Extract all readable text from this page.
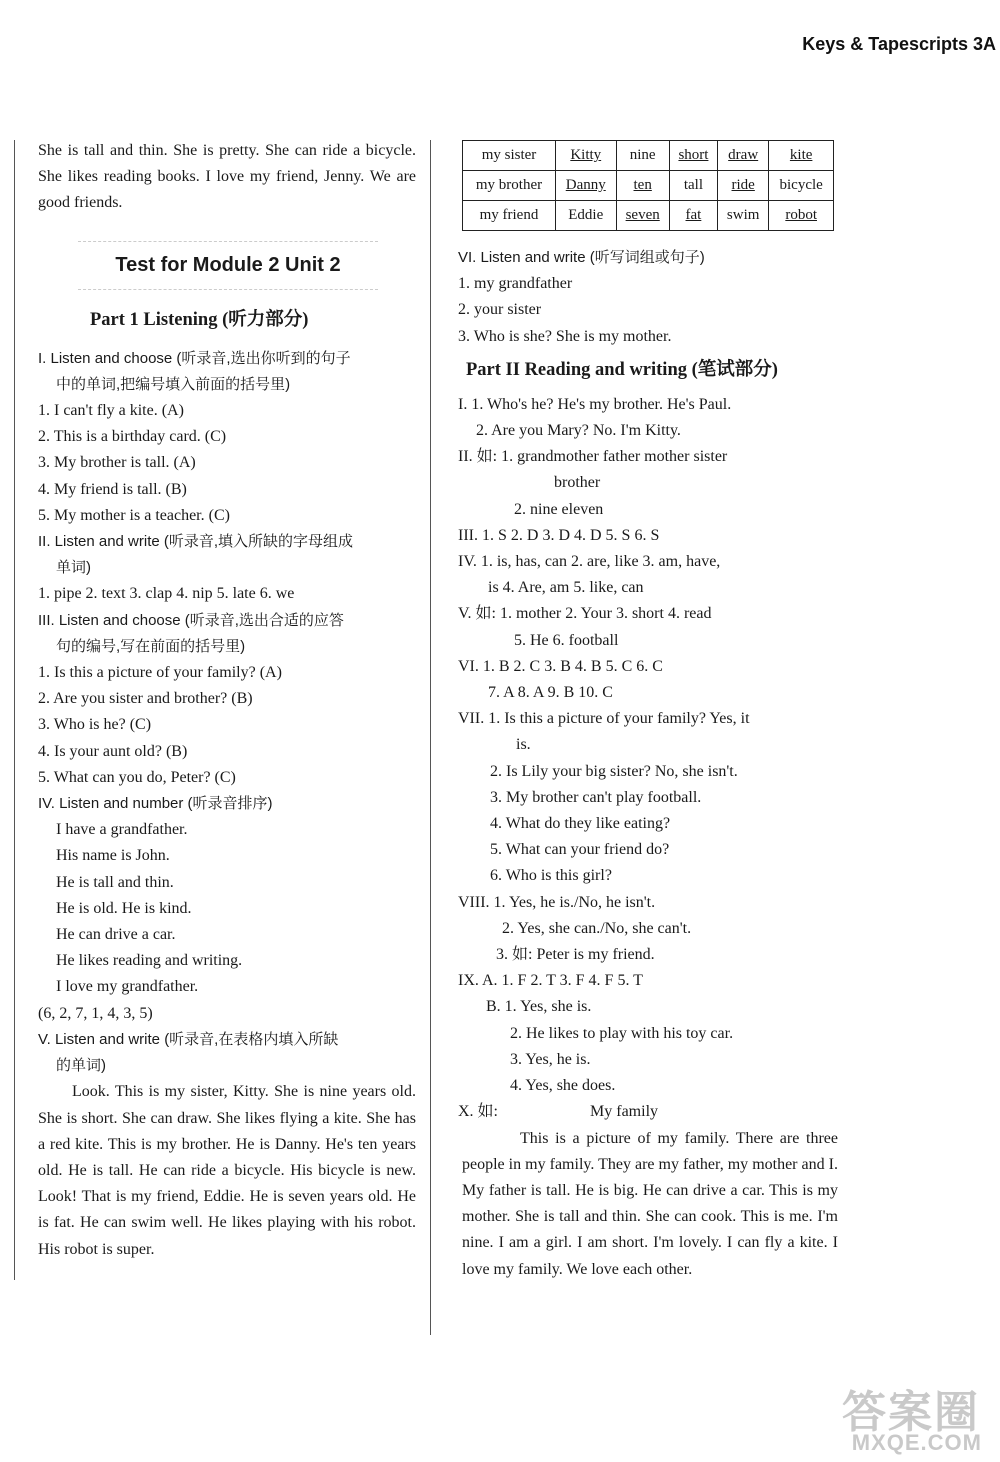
Keys & Tapescripts 3A
She is tall and thin. She is pretty. She can ride a bicycle. She likes reading books. I love my friend, Jenny. We are good friends.
Test for Module 2 Unit 2
Part 1 Listening (听力部分)
I. Listen and choose (听录音,选出你听到的句子
中的单词,把编号填入前面的括号里)
1. I can't fly a kite. (A)
2. This is a birthday card. (C)
3. My brother is tall. (A)
4. My friend is tall. (B)
5. My mother is a teacher. (C)
II. Listen and write (听录音,填入所缺的字母组成
单词)
1. pipe 2. text 3. clap 4. nip 5. late 6. we
III. Listen and choose (听录音,选出合适的应答
句的编号,写在前面的括号里)
1. Is this a picture of your family? (A)
2. Are you sister and brother? (B)
3. Who is he? (C)
4. Is your aunt old? (B)
5. What can you do, Peter? (C)
IV. Listen and number (听录音排序)
I have a grandfather.
His name is John.
He is tall and thin.
He is old. He is kind.
He can drive a car.
He likes reading and writing.
I love my grandfather.
(6, 2, 7, 1, 4, 3, 5)
V. Listen and write (听录音,在表格内填入所缺
的单词)
Look. This is my sister, Kitty. She is nine years old. She is short. She can draw. She likes flying a kite. She has a red kite. This is my brother. He is Danny. He's ten years old. He is tall. He can ride a bicycle. His bicycle is new. Look! That is my friend, Eddie. He is seven years old. He is fat. He can swim well. He likes playing with his robot. His robot is super.
my sister	Kitty	nine	short	draw	kite
my brother	Danny	ten	tall	ride	bicycle
my friend	Eddie	seven	fat	swim	robot
VI. Listen and write (听写词组或句子)
1. my grandfather
2. your sister
3. Who is she? She is my mother.
Part II Reading and writing (笔试部分)
I. 1. Who's he? He's my brother. He's Paul.
2. Are you Mary? No. I'm Kitty.
II. 如: 1. grandmother father mother sister
brother
2. nine eleven
III. 1. S 2. D 3. D 4. D 5. S 6. S
IV. 1. is, has, can 2. are, like 3. am, have,
is 4. Are, am 5. like, can
V. 如: 1. mother 2. Your 3. short 4. read
5. He 6. football
VI. 1. B 2. C 3. B 4. B 5. C 6. C
7. A 8. A 9. B 10. C
VII. 1. Is this a picture of your family? Yes, it
is.
2. Is Lily your big sister? No, she isn't.
3. My brother can't play football.
4. What do they like eating?
5. What can your friend do?
6. Who is this girl?
VIII. 1. Yes, he is./No, he isn't.
2. Yes, she can./No, she can't.
3. 如: Peter is my friend.
IX. A. 1. F 2. T 3. F 4. F 5. T
B. 1. Yes, she is.
2. He likes to play with his toy car.
3. Yes, he is.
4. Yes, she does.
X. 如:	My family
This is a picture of my family. There are three people in my family. They are my father, my mother and I. My father is tall. He is big. He can drive a car. This is my mother. She is tall and thin. She can cook. This is me. I'm nine. I am a girl. I am short. I'm lovely. I can fly a kite. I love my family. We love each other.
答案圈
MXQE.COM
